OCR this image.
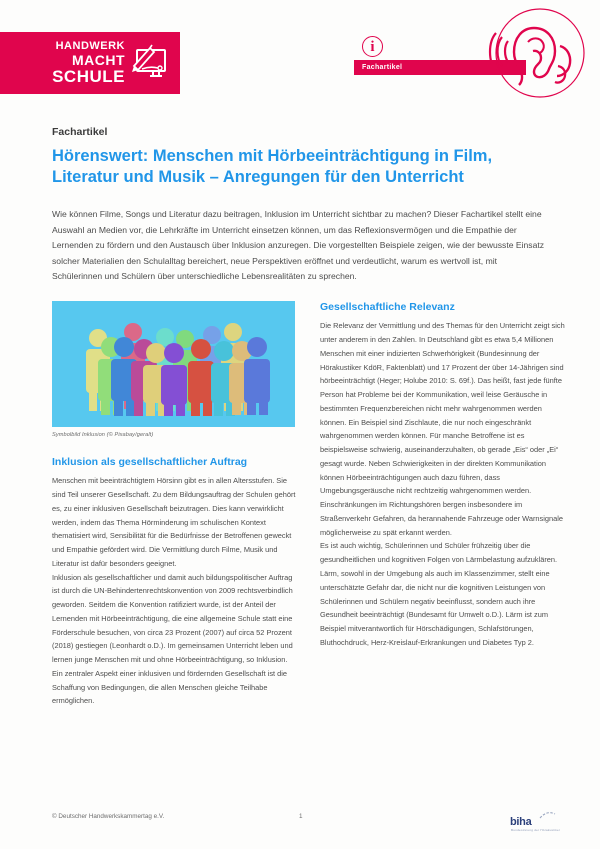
HANDWERK
MACHT
SCHULE
i
Fachartikel
Fachartikel
Hörenswert: Menschen mit Hörbeeinträchtigung in Film, Literatur und Musik – Anregungen für den Unterricht
Wie können Filme, Songs und Literatur dazu beitragen, Inklusion im Unterricht sichtbar zu machen? Dieser Fachartikel stellt eine Auswahl an Medien vor, die Lehrkräfte im Unterricht einsetzen können, um das Reflexionsvermögen und die Empathie der Lernenden zu fördern und den Austausch über Inklusion anzuregen. Die vorgestellten Beispiele zeigen, wie der bewusste Einsatz solcher Materialien den Schulalltag bereichert, neue Perspektiven eröffnet und verdeutlicht, warum es wertvoll ist, mit Schülerinnen und Schülern über unterschiedliche Lebensrealitäten zu sprechen.
Symbolbild Inklusion (© Pixabay/geralt)
Inklusion als gesellschaftlicher Auftrag

Menschen mit beeinträchtigtem Hörsinn gibt es in allen Altersstufen. Sie sind Teil unserer Gesellschaft. Zu dem Bildungsauftrag der Schulen gehört es, zu einer inklusiven Gesellschaft beizutragen. Dies kann verwirklicht werden, indem das Thema Hörminderung im schulischen Kontext thematisiert wird, Sensibilität für die Bedürfnisse der Betroffenen geweckt und Empathie gefördert wird. Die Vermittlung durch Filme, Musik und Literatur ist dafür besonders geeignet.

Inklusion als gesellschaftlicher und damit auch bildungspolitischer Auftrag ist durch die UN-Behindertenrechtskonvention von 2009 rechtsverbindlich geworden. Seitdem die Konvention ratifiziert wurde, ist der Anteil der Lernenden mit Hörbeeinträchtigung, die eine allgemeine Schule statt eine Förderschule besuchen, von circa 23 Prozent (2007) auf circa 52 Prozent (2018) gestiegen (Leonhardt o.D.). Im gemeinsamen Unterricht leben und lernen junge Menschen mit und ohne Hörbeeinträchtigung, so Inklusion.

Ein zentraler Aspekt einer inklusiven und fördernden Gesellschaft ist die Schaffung von Bedingungen, die allen Menschen gleiche Teilhabe ermöglichen.

Gesellschaftliche Relevanz

Die Relevanz der Vermittlung und des Themas für den Unterricht zeigt sich unter anderem in den Zahlen. In Deutschland gibt es etwa 5,4 Millionen Menschen mit einer indizierten Schwerhörigkeit (Bundesinnung der Hörakustiker KdöR, Faktenblatt) und 17 Prozent der über 14-Jährigen sind hörbeeinträchtigt (Heger; Holube 2010: S. 69f.). Das heißt, fast jede fünfte Person hat Probleme bei der Kommunikation, weil leise Geräusche in bestimmten Frequenzbereichen nicht mehr wahrgenommen werden können. Ein Beispiel sind Zischlaute, die nur noch eingeschränkt wahrgenommen werden können. Für manche Betroffene ist es beispielsweise schwierig, auseinanderzuhalten, ob gerade „Eis“ oder „Ei“ gesagt wurde. Neben Schwierigkeiten in der direkten Kommunikation können Hörbeeinträchtigungen auch dazu führen, dass Umgebungsgeräusche nicht rechtzeitig wahrgenommen werden. Einschränkungen im Richtungshören bergen insbesondere im Straßenverkehr Gefahren, da herannahende Fahrzeuge oder Warnsignale möglicherweise zu spät erkannt werden.

Es ist auch wichtig, Schülerinnen und Schüler frühzeitig über die gesundheitlichen und kognitiven Folgen von Lärmbelastung aufzuklären.

Lärm, sowohl in der Umgebung als auch im Klassenzimmer, stellt eine unterschätzte Gefahr dar, die nicht nur die kognitiven Leistungen von Schülerinnen und Schülern negativ beeinflusst, sondern auch ihre Gesundheit beeinträchtigt (Bundesamt für Umwelt o.D.). Lärm ist zum Beispiel mitverantwortlich für Hörschädigungen, Schlafstörungen, Bluthochdruck, Herz-Kreislauf-Erkrankungen und Diabetes Typ 2.

© Deutscher Handwerkskammertag e.V.	1	biha
Bundesinnung der Hörakustiker
